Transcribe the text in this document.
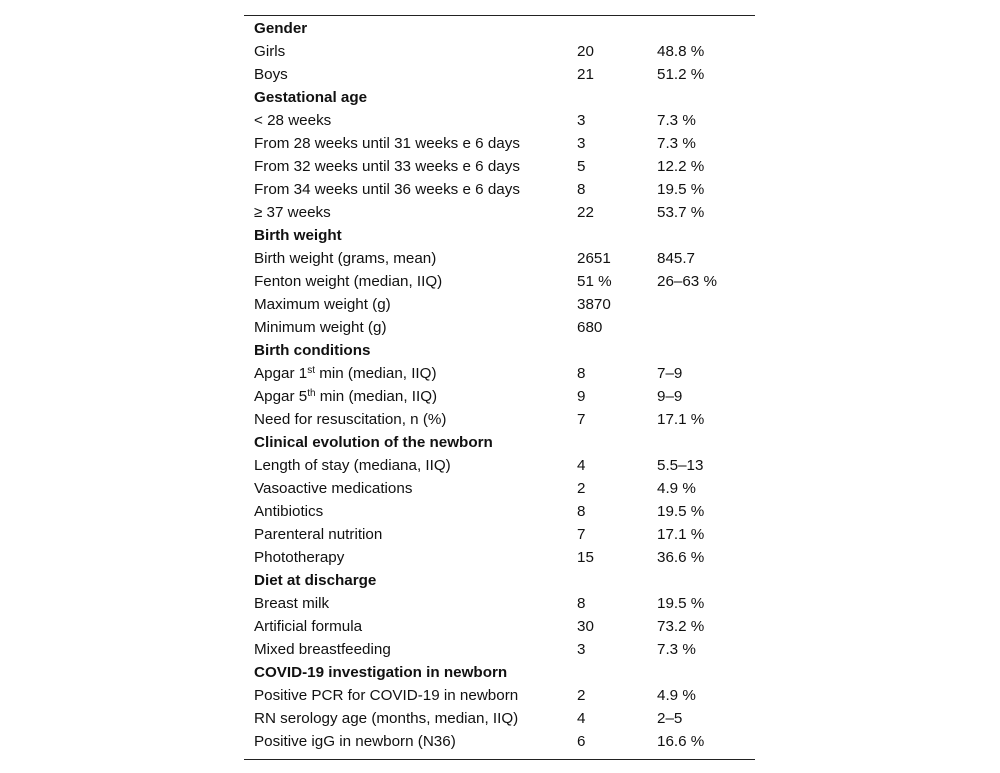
Gender		
Girls	20	48.8 %
Boys	21	51.2 %
Gestational age		
< 28 weeks	3	7.3 %
From 28 weeks until 31 weeks e 6 days	3	7.3 %
From 32 weeks until 33 weeks e 6 days	5	12.2 %
From 34 weeks until 36 weeks e 6 days	8	19.5 %
≥ 37 weeks	22	53.7 %
Birth weight		
Birth weight (grams, mean)	2651	845.7
Fenton weight (median, IIQ)	51 %	26–63 %
Maximum weight (g)	3870	
Minimum weight (g)	680	
Birth conditions		
Apgar 1st min (median, IIQ)	8	7–9
Apgar 5th min (median, IIQ)	9	9–9
Need for resuscitation, n (%)	7	17.1 %
Clinical evolution of the newborn		
Length of stay (mediana, IIQ)	4	5.5–13
Vasoactive medications	2	4.9 %
Antibiotics	8	19.5 %
Parenteral nutrition	7	17.1 %
Phototherapy	15	36.6 %
Diet at discharge		
Breast milk	8	19.5 %
Artificial formula	30	73.2 %
Mixed breastfeeding	3	7.3 %
COVID-19 investigation in newborn		
Positive PCR for COVID-19 in newborn	2	4.9 %
RN serology age (months, median, IIQ)	4	2–5
Positive igG in newborn (N36)	6	16.6 %
